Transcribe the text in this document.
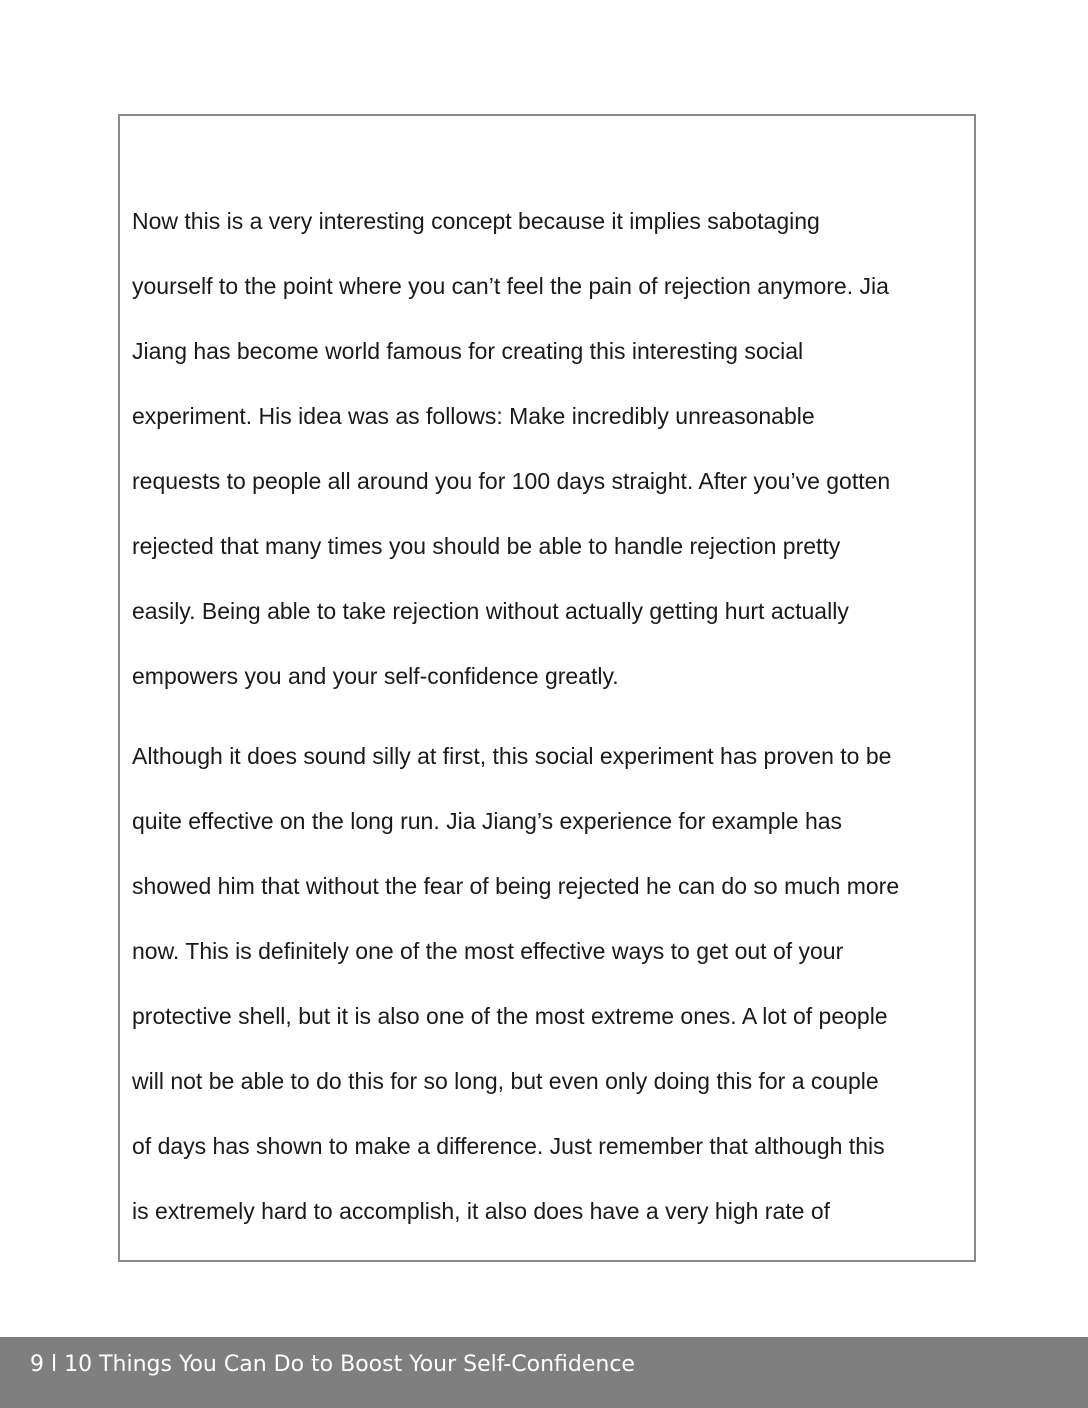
Now this is a very interesting concept because it implies sabotaging
yourself to the point where you can’t feel the pain of rejection anymore. Jia
Jiang has become world famous for creating this interesting social
experiment. His idea was as follows: Make incredibly unreasonable
requests to people all around you for 100 days straight. After you’ve gotten
rejected that many times you should be able to handle rejection pretty
easily. Being able to take rejection without actually getting hurt actually
empowers you and your self-confidence greatly.
Although it does sound silly at first, this social experiment has proven to be
quite effective on the long run. Jia Jiang’s experience for example has
showed him that without the fear of being rejected he can do so much more
now. This is definitely one of the most effective ways to get out of your
protective shell, but it is also one of the most extreme ones. A lot of people
will not be able to do this for so long, but even only doing this for a couple
of days has shown to make a difference. Just remember that although this
is extremely hard to accomplish, it also does have a very high rate of
9 l 10 Things You Can Do to Boost Your Self-Confidence
